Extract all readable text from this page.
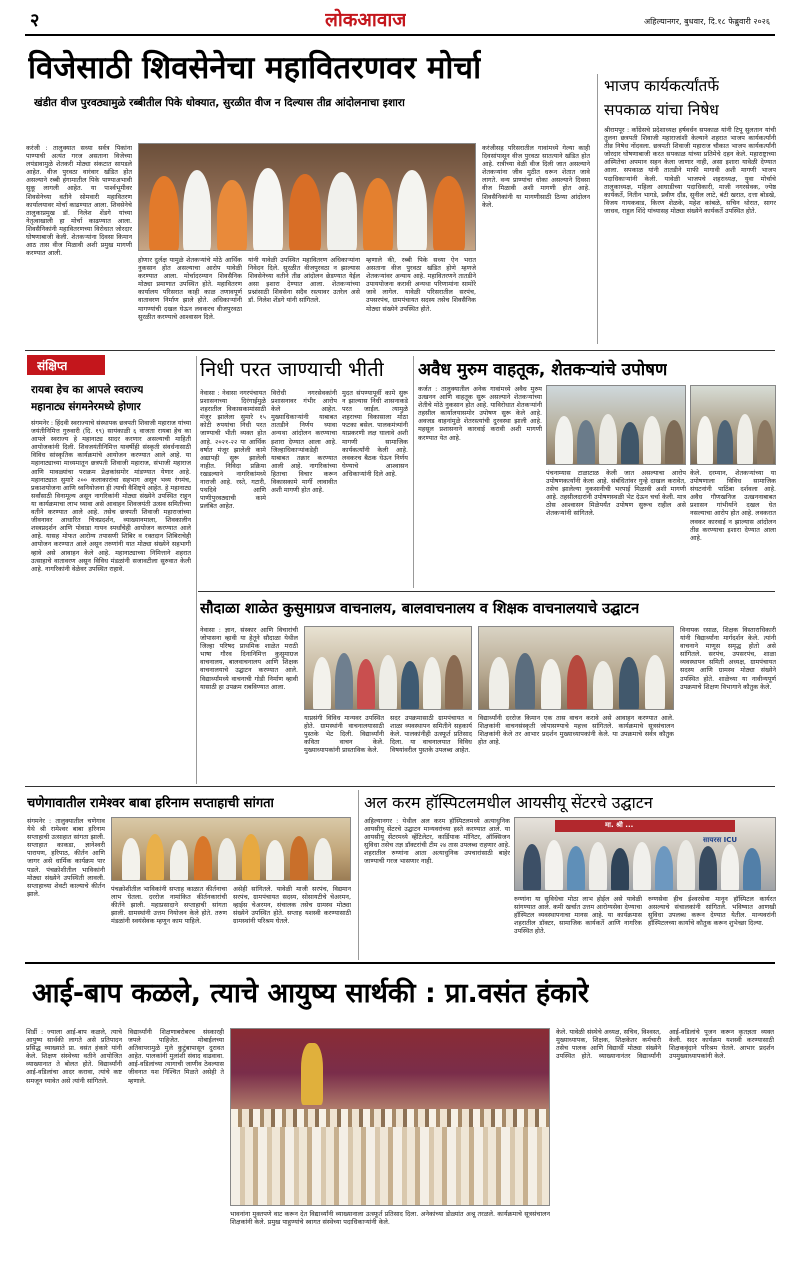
२	लोकआवाज	अहिल्यानगर, बुधवार, दि.१८ फेब्रुवारी २०२६
विजेसाठी शिवसेनेचा महावितरणवर मोर्चा
खंडीत वीज पुरवठ्यामुळे रब्बीतील पिके धोक्यात, सुरळीत वीज न दिल्यास तीव्र आंदोलनाचा इशारा
करंजी : तालुक्यात सध्या सर्वत्र पिकांना पाण्याची अत्यंत गरज असताना विजेच्या लपंडावामुळे शेतकरी मोठ्या संकटात सापडले आहेत. वीज पुरवठा वारंवार खंडित होत असल्याने रब्बी हंगामातील पिके पाण्याअभावी सुकू लागली आहेत. या पार्श्वभूमीवर शिवसेनेच्या वतीने सोमवारी महावितरण कार्यालयावर मोर्चा काढण्यात आला. शिवसेनेचे तालुकाप्रमुख डॉ. निलेश शेंडगे यांच्या नेतृत्वाखाली हा मोर्चा काढण्यात आला. शिवसैनिकांनी महावितरणच्या विरोधात जोरदार घोषणाबाजी केली. शेतकऱ्यांना दिवसा किमान आठ तास वीज मिळावी अशी प्रमुख मागणी करण्यात आली.
होणार दुर्लक्ष यामुळे शेतकऱ्यांचे मोठे आर्थिक नुकसान होत असल्याचा आरोप यावेळी करण्यात आला. मोर्चादरम्यान शिवसैनिक मोठ्या प्रमाणात उपस्थित होते. महावितरण कार्यालय परिसरात काही काळ तणावपूर्ण वातावरण निर्माण झाले होते. अधिकाऱ्यांनी मागण्यांची दखल घेऊन लवकरच वीजपुरवठा सुरळीत करण्याचे आश्वासन दिले.
यांनी यावेळी उपस्थित महावितरण अधिकाऱ्यांना निवेदन दिले. सुरळीत वीजपुरवठा न झाल्यास शिवसेनेच्या वतीने तीव्र आंदोलन छेडण्यात येईल असा इशारा देण्यात आला. शेतकऱ्यांच्या प्रश्नांसाठी शिवसेना सदैव रस्त्यावर उतरेल असे डॉ. निलेश शेंडगे यांनी सांगितले.
म्हणाले की, रब्बी पिके सध्या ऐन भरात असताना वीज पुरवठा खंडित होणे म्हणजे शेतकऱ्यांवर अन्याय आहे. महावितरणने तातडीने उपाययोजना करावी अन्यथा परिणामांना सामोरे जावे लागेल. यावेळी परिसरातील सरपंच, उपसरपंच, ग्रामपंचायत सदस्य तसेच शिवसैनिक मोठ्या संख्येने उपस्थित होते.
करंजीसह परिसरातील गावांमध्ये गेल्या काही दिवसांपासून वीज पुरवठा सातत्याने खंडित होत आहे. रात्रीच्या वेळी वीज दिली जात असल्याने शेतकऱ्यांना जीव मुठीत धरून शेतात जावे लागते. वन्य प्राण्यांचा धोका असल्याने दिवसा वीज मिळावी अशी मागणी होत आहे. शिवसैनिकांनी या मागणीसाठी ठिय्या आंदोलन केले.
भाजप कार्यकर्त्यांतर्फे
सपकाळ यांचा निषेध
श्रीरामपूर : काँग्रेसचे प्रदेशाध्यक्ष हर्षवर्धन सपकाळ यांनी टिपू सुलतान यांची तुलना छत्रपती शिवाजी महाराजांशी केल्याने शहरात भाजप कार्यकर्त्यांनी तीव्र निषेध नोंदवला. छत्रपती शिवाजी महाराज चौकात भाजप कार्यकर्त्यांनी जोरदार घोषणाबाजी करत सपकाळ यांच्या प्रतिमेचे दहन केले. महाराष्ट्राच्या अस्मितेचा अपमान सहन केला जाणार नाही, असा इशारा यावेळी देण्यात आला. सपकाळ यांनी तातडीने माफी मागावी अशी मागणी भाजप पदाधिकाऱ्यांनी केली. यावेळी भाजपचे शहराध्यक्ष, युवा मोर्चाचे तालुकाध्यक्ष, महिला आघाडीच्या पदाधिकारी, माजी नगरसेवक, ज्येष्ठ कार्यकर्ते, नितीन भागडे, प्रवीण दौंड, सुनील लाटे, बंटी खरात, दत्ता बोडखे, विजय गायकवाड, किरण शेळके, महेश कांबळे, सचिन थोरात, सागर जाधव, राहुल शिंदे यांच्यासह मोठ्या संख्येने कार्यकर्ते उपस्थित होते.
संक्षिप्त
रायबा हेच का आपले स्वराज्य
महानाट्य संगमनेरमध्ये होणार
संगमनेर : हिंदवी स्वराज्याचे संस्थापक छत्रपती शिवाजी महाराज यांच्या जयंतीनिमित्त गुरुवारी (दि. १९) सायंकाळी ६ वाजता रायबा हेच का आपले स्वराज्य हे महानाट्य सादर करणार असल्याची माहिती आयोजकांनी दिली. शिवजयंतीनिमित्त यावर्षीही संस्कृती संवर्धनासाठी विविध सांस्कृतिक कार्यक्रमांचे आयोजन करण्यात आले आहे. या महानाट्याच्या माध्यमातून छत्रपती शिवाजी महाराज, संभाजी महाराज आणि मावळ्यांचा पराक्रम प्रेक्षकांसमोर मांडण्यात येणार आहे. महानाट्यात सुमारे २०० कलाकारांचा सहभाग असून भव्य रंगमंच, प्रकाशयोजना आणि ध्वनियोजना ही त्याची वैशिष्ट्ये आहेत. हे महानाट्य सर्वांसाठी विनामूल्य असून नागरिकांनी मोठ्या संख्येने उपस्थित राहून या कार्यक्रमाचा लाभ घ्यावा असे आवाहन शिवजयंती उत्सव समितीच्या वतीने करण्यात आले आहे. तसेच छत्रपती शिवाजी महाराजांच्या जीवनावर आधारित चित्रप्रदर्शन, व्याख्यानमाला, शिवकालीन शस्त्रप्रदर्शन आणि पोवाडा गायन स्पर्धांचेही आयोजन करण्यात आले आहे. यासह मोफत आरोग्य तपासणी शिबिर व रक्तदान शिबिराचेही आयोजन करण्यात आले असून तरुणांनी यात मोठ्या संख्येने सहभागी व्हावे असे आवाहन केले आहे. महानाट्याच्या निमित्ताने शहरात उत्साहाचे वातावरण असून विविध मंडळांनी सजावटीला सुरुवात केली आहे. नागरिकांनी वेळेवर उपस्थित राहावे.
निधी परत जाण्याची भीती
नेवासा : नेवासा नगरपंचायत प्रशासनाच्या दिरंगाईमुळे शहरातील विकासकामांसाठी मंजूर झालेला सुमारे १५ कोटी रुपयांचा निधी परत जाण्याची भीती व्यक्त होत आहे. २०२१-२२ या आर्थिक वर्षात मंजूर झालेली कामे अद्यापही सुरू झालेली नाहीत. निविदा प्रक्रिया रखडल्याने नागरिकांमध्ये नाराजी आहे. रस्ते, गटारी, पथदिवे आणि पाणीपुरवठ्याची कामे प्रलंबित आहेत.
विरोधी नगरसेवकांनी प्रशासनावर गंभीर आरोप केले आहेत. मुख्याधिकाऱ्यांनी याबाबत तातडीने निर्णय घ्यावा अन्यथा आंदोलन करण्याचा इशारा देण्यात आला आहे. जिल्हाधिकाऱ्यांकडेही याबाबत तक्रार करण्यात आली आहे. नागरिकांच्या हिताचा विचार करून विकासकामे मार्गी लावावीत अशी मागणी होत आहे.
मुदत संपण्यापूर्वी कामे सुरू न झाल्यास निधी शासनाकडे परत जाईल. त्यामुळे शहराच्या विकासाला मोठा फटका बसेल. पालकमंत्र्यांनी याप्रकरणी लक्ष घालावे अशी मागणी सामाजिक कार्यकर्त्यांनी केली आहे. लवकरच बैठक घेऊन निर्णय घेण्याचे आश्वासन अधिकाऱ्यांनी दिले आहे.
अवैध मुरुम वाहतूक, शेतकऱ्यांचे उपोषण
कर्जत : तालुक्यातील अनेक गावांमध्ये अवैध मुरुम उत्खनन आणि वाहतूक सुरू असल्याने शेतकऱ्यांच्या शेतीचे मोठे नुकसान होत आहे. याविरोधात शेतकऱ्यांनी तहसील कार्यालयासमोर उपोषण सुरू केले आहे. अवजड वाहनांमुळे शेतरस्त्यांची दुरवस्था झाली आहे. महसूल प्रशासनाने कारवाई करावी अशी मागणी करण्यात येत आहे.
पंचनाम्यास टाळाटाळ केली जात असल्याचा आरोप उपोषणकर्त्यांनी केला आहे. संबंधितांवर गुन्हे दाखल करावेत, तसेच झालेल्या नुकसानीची भरपाई मिळावी अशी मागणी आहे. तहसीलदारांनी उपोषणस्थळी भेट देऊन चर्चा केली. मात्र ठोस आश्वासन मिळेपर्यंत उपोषण सुरूच राहील असे शेतकऱ्यांनी सांगितले.
केले. दरम्यान, शेतकऱ्यांच्या या उपोषणाला विविध सामाजिक संघटनांनी पाठिंबा दर्शवला आहे. अवैध गौणखनिज उत्खननाबाबत प्रशासन गांभीर्याने दखल घेत नसल्याचा आरोप होत आहे. लवकरात लवकर कारवाई न झाल्यास आंदोलन तीव्र करण्याचा इशारा देण्यात आला आहे.
सौदाळा शाळेत कुसुमाग्रज वाचनालय, बालवाचनालय व शिक्षक वाचनालयाचे उद्घाटन
नेवासा : ज्ञान, संस्कार आणि विचारांची जोपासना व्हावी या हेतूने सौदाळा येथील जिल्हा परिषद प्राथमिक शाळेत मराठी भाषा गौरव दिनानिमित्त कुसुमाग्रज वाचनालय, बालवाचनालय आणि शिक्षक वाचनालयाचे उद्घाटन करण्यात आले. विद्यार्थ्यांमध्ये वाचनाची गोडी निर्माण व्हावी यासाठी हा उपक्रम राबविण्यात आला.
याप्रसंगी विविध मान्यवर उपस्थित होते. ग्रामस्थांनी वाचनालयासाठी पुस्तके भेट दिली. विद्यार्थ्यांनी कविता वाचन केले. मुख्याध्यापकांनी प्रास्ताविक केले.
सदर उपक्रमासाठी ग्रामपंचायत व शाळा व्यवस्थापन समितीने सहकार्य केले. पालकांनीही उत्स्फूर्त प्रतिसाद दिला. या वाचनालयात विविध विषयांवरील पुस्तके उपलब्ध आहेत.
विद्यार्थ्यांनी दररोज किमान एक तास वाचन करावे असे आवाहन करण्यात आले. शिक्षकांनी वाचनसंस्कृती जोपासण्याचे महत्त्व सांगितले. कार्यक्रमाचे सूत्रसंचालन शिक्षकांनी केले तर आभार प्रदर्शन मुख्याध्यापकांनी केले. या उपक्रमाचे सर्वत्र कौतुक होत आहे.
विनायक रसाळ, शिक्षक विस्ताराधिकारी यांनी विद्यार्थ्यांना मार्गदर्शन केले. त्यांनी वाचनाने माणूस समृद्ध होतो असे सांगितले. सरपंच, उपसरपंच, शाळा व्यवस्थापन समिती अध्यक्ष, ग्रामपंचायत सदस्य आणि ग्रामस्थ मोठ्या संख्येने उपस्थित होते. शाळेच्या या नावीन्यपूर्ण उपक्रमाचे शिक्षण विभागाने कौतुक केले.
चणेगावातील रामेश्वर बाबा हरिनाम सप्ताहाची सांगता
संगमनेर : तालुक्यातील चणेगाव येथे श्री रामेश्वर बाबा हरिनाम सप्ताहाची उत्साहात सांगता झाली. सप्ताहात काकडा, ज्ञानेश्वरी पारायण, हरिपाठ, कीर्तन आणि जागर असे धार्मिक कार्यक्रम पार पडले. पंचक्रोशीतील भाविकांनी मोठ्या संख्येने उपस्थिती लावली. सप्ताहाच्या शेवटी काल्याचे कीर्तन झाले.
पंचक्रोशीतील भाविकांनी सप्ताह काळात कीर्तनाचा लाभ घेतला. दररोज नामांकित कीर्तनकारांची कीर्तने झाली. महाप्रसादाने सप्ताहाची सांगता झाली. ग्रामस्थांनी उत्तम नियोजन केले होते. तरुण मंडळांनी स्वयंसेवक म्हणून काम पाहिले.
असेही सांगितले. यावेळी माजी सरपंच, विद्यमान सरपंच, ग्रामपंचायत सदस्य, सोसायटीचे चेअरमन, व्हाईस चेअरमन, संचालक तसेच ग्रामस्थ मोठ्या संख्येने उपस्थित होते. सप्ताह यशस्वी करण्यासाठी ग्रामस्थांनी परिश्रम घेतले.
अल करम हॉस्पिटलमधील आयसीयू सेंटरचे उद्घाटन
अहिल्यानगर : येथील अल करम हॉस्पिटलमध्ये अत्याधुनिक आयसीयू सेंटरचे उद्घाटन मान्यवरांच्या हस्ते करण्यात आले. या आयसीयू सेंटरमध्ये व्हेंटिलेटर, कार्डियाक मॉनिटर, ऑक्सिजन सुविधा तसेच तज्ञ डॉक्टरांची टीम २४ तास उपलब्ध राहणार आहे. शहरातील रुग्णांना आता अत्याधुनिक उपचारांसाठी बाहेर जाण्याची गरज भासणार नाही.
मा. श्री ...
सायरस ICU
रुग्णांना या सुविधेचा मोठा लाभ होईल असे यावेळी सांगण्यात आले. कमी खर्चात उत्तम आरोग्यसेवा देण्याचा हॉस्पिटल व्यवस्थापनाचा मानस आहे. या कार्यक्रमास शहरातील डॉक्टर, सामाजिक कार्यकर्ते आणि नागरिक उपस्थित होते.
रुग्णसेवा हीच ईश्वरसेवा मानून हॉस्पिटल कार्यरत असल्याचे संचालकांनी सांगितले. भविष्यात आणखी सुविधा उपलब्ध करून देण्यात येतील. मान्यवरांनी हॉस्पिटलच्या कार्याचे कौतुक करून शुभेच्छा दिल्या.
आई-बाप कळले, त्याचे आयुष्य सार्थकी : प्रा.वसंत हंकारे
शिर्डी : ज्याला आई-बाप कळले, त्याचे आयुष्य सार्थकी लागते असे प्रतिपादन प्रसिद्ध व्याख्याते प्रा. वसंत हंकारे यांनी केले. शिक्षण संस्थेच्या वतीने आयोजित व्याख्यानात ते बोलत होते. विद्यार्थ्यांनी आई-वडिलांचा आदर करावा, त्यांचे कष्ट समजून घ्यावेत असे त्यांनी सांगितले.
विद्यार्थ्यांनी शिक्षणाबरोबरच संस्कारही जपले पाहिजेत. मोबाईलच्या अतिवापरामुळे मुले कुटुंबापासून दुरावत आहेत. पालकांनी मुलांशी संवाद वाढवावा. आई-वडिलांच्या त्यागाची जाणीव ठेवल्यास जीवनात यश निश्चित मिळते असेही ते म्हणाले.
भावनांना मुक्तपणे वाट करून देत विद्यार्थ्यांनी व्याख्यानाला उत्स्फूर्त प्रतिसाद दिला. अनेकांच्या डोळ्यांत अश्रू तरळले. कार्यक्रमाचे सूत्रसंचालन शिक्षकांनी केले. प्रमुख पाहुण्यांचे स्वागत संस्थेच्या पदाधिकाऱ्यांनी केले.
केले. यावेळी संस्थेचे अध्यक्ष, सचिव, विश्वस्त, मुख्याध्यापक, शिक्षक, शिक्षकेतर कर्मचारी तसेच पालक आणि विद्यार्थी मोठ्या संख्येने उपस्थित होते. व्याख्यानानंतर विद्यार्थ्यांनी आई-वडिलांचे पूजन करून कृतज्ञता व्यक्त केली. सदर कार्यक्रम यशस्वी करण्यासाठी शिक्षकवृंदाने परिश्रम घेतले. आभार प्रदर्शन उपमुख्याध्यापकांनी केले.
